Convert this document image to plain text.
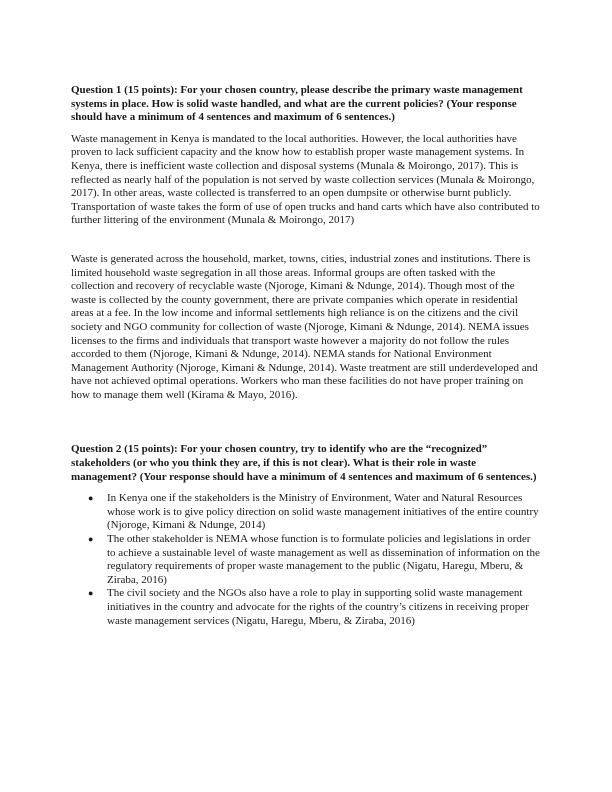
Question 1 (15 points): For your chosen country, please describe the primary waste management systems in place. How is solid waste handled, and what are the current policies? (Your response should have a minimum of 4 sentences and maximum of 6 sentences.)

Waste management in Kenya is mandated to the local authorities. However, the local authorities have proven to lack sufficient capacity and the know how to establish proper waste management systems. In Kenya, there is inefficient waste collection and disposal systems (Munala & Moirongo, 2017). This is reflected as nearly half of the population is not served by waste collection services (Munala & Moirongo, 2017). In other areas, waste collected is transferred to an open dumpsite or otherwise burnt publicly. Transportation of waste takes the form of use of open trucks and hand carts which have also contributed to further littering of the environment (Munala & Moirongo, 2017)

Waste is generated across the household, market, towns, cities, industrial zones and institutions. There is limited household waste segregation in all those areas. Informal groups are often tasked with the collection and recovery of recyclable waste (Njoroge, Kimani & Ndunge, 2014). Though most of the waste is collected by the county government, there are private companies which operate in residential areas at a fee. In the low income and informal settlements high reliance is on the citizens and the civil society and NGO community for collection of waste (Njoroge, Kimani & Ndunge, 2014). NEMA issues licenses to the firms and individuals that transport waste however a majority do not follow the rules accorded to them (Njoroge, Kimani & Ndunge, 2014). NEMA stands for National Environment Management Authority (Njoroge, Kimani & Ndunge, 2014). Waste treatment are still underdeveloped and have not achieved optimal operations. Workers who man these facilities do not have proper training on how to manage them well (Kirama & Mayo, 2016).

Question 2 (15 points): For your chosen country, try to identify who are the “recognized” stakeholders (or who you think they are, if this is not clear). What is their role in waste management? (Your response should have a minimum of 4 sentences and maximum of 6 sentences.)

● In Kenya one if the stakeholders is the Ministry of Environment, Water and Natural Resources whose work is to give policy direction on solid waste management initiatives of the entire country (Njoroge, Kimani & Ndunge, 2014)
● The other stakeholder is NEMA whose function is to formulate policies and legislations in order to achieve a sustainable level of waste management as well as dissemination of information on the regulatory requirements of proper waste management to the public (Nigatu, Haregu, Mberu, & Ziraba, 2016)
● The civil society and the NGOs also have a role to play in supporting solid waste management initiatives in the country and advocate for the rights of the country’s citizens in receiving proper waste management services (Nigatu, Haregu, Mberu, & Ziraba, 2016)
